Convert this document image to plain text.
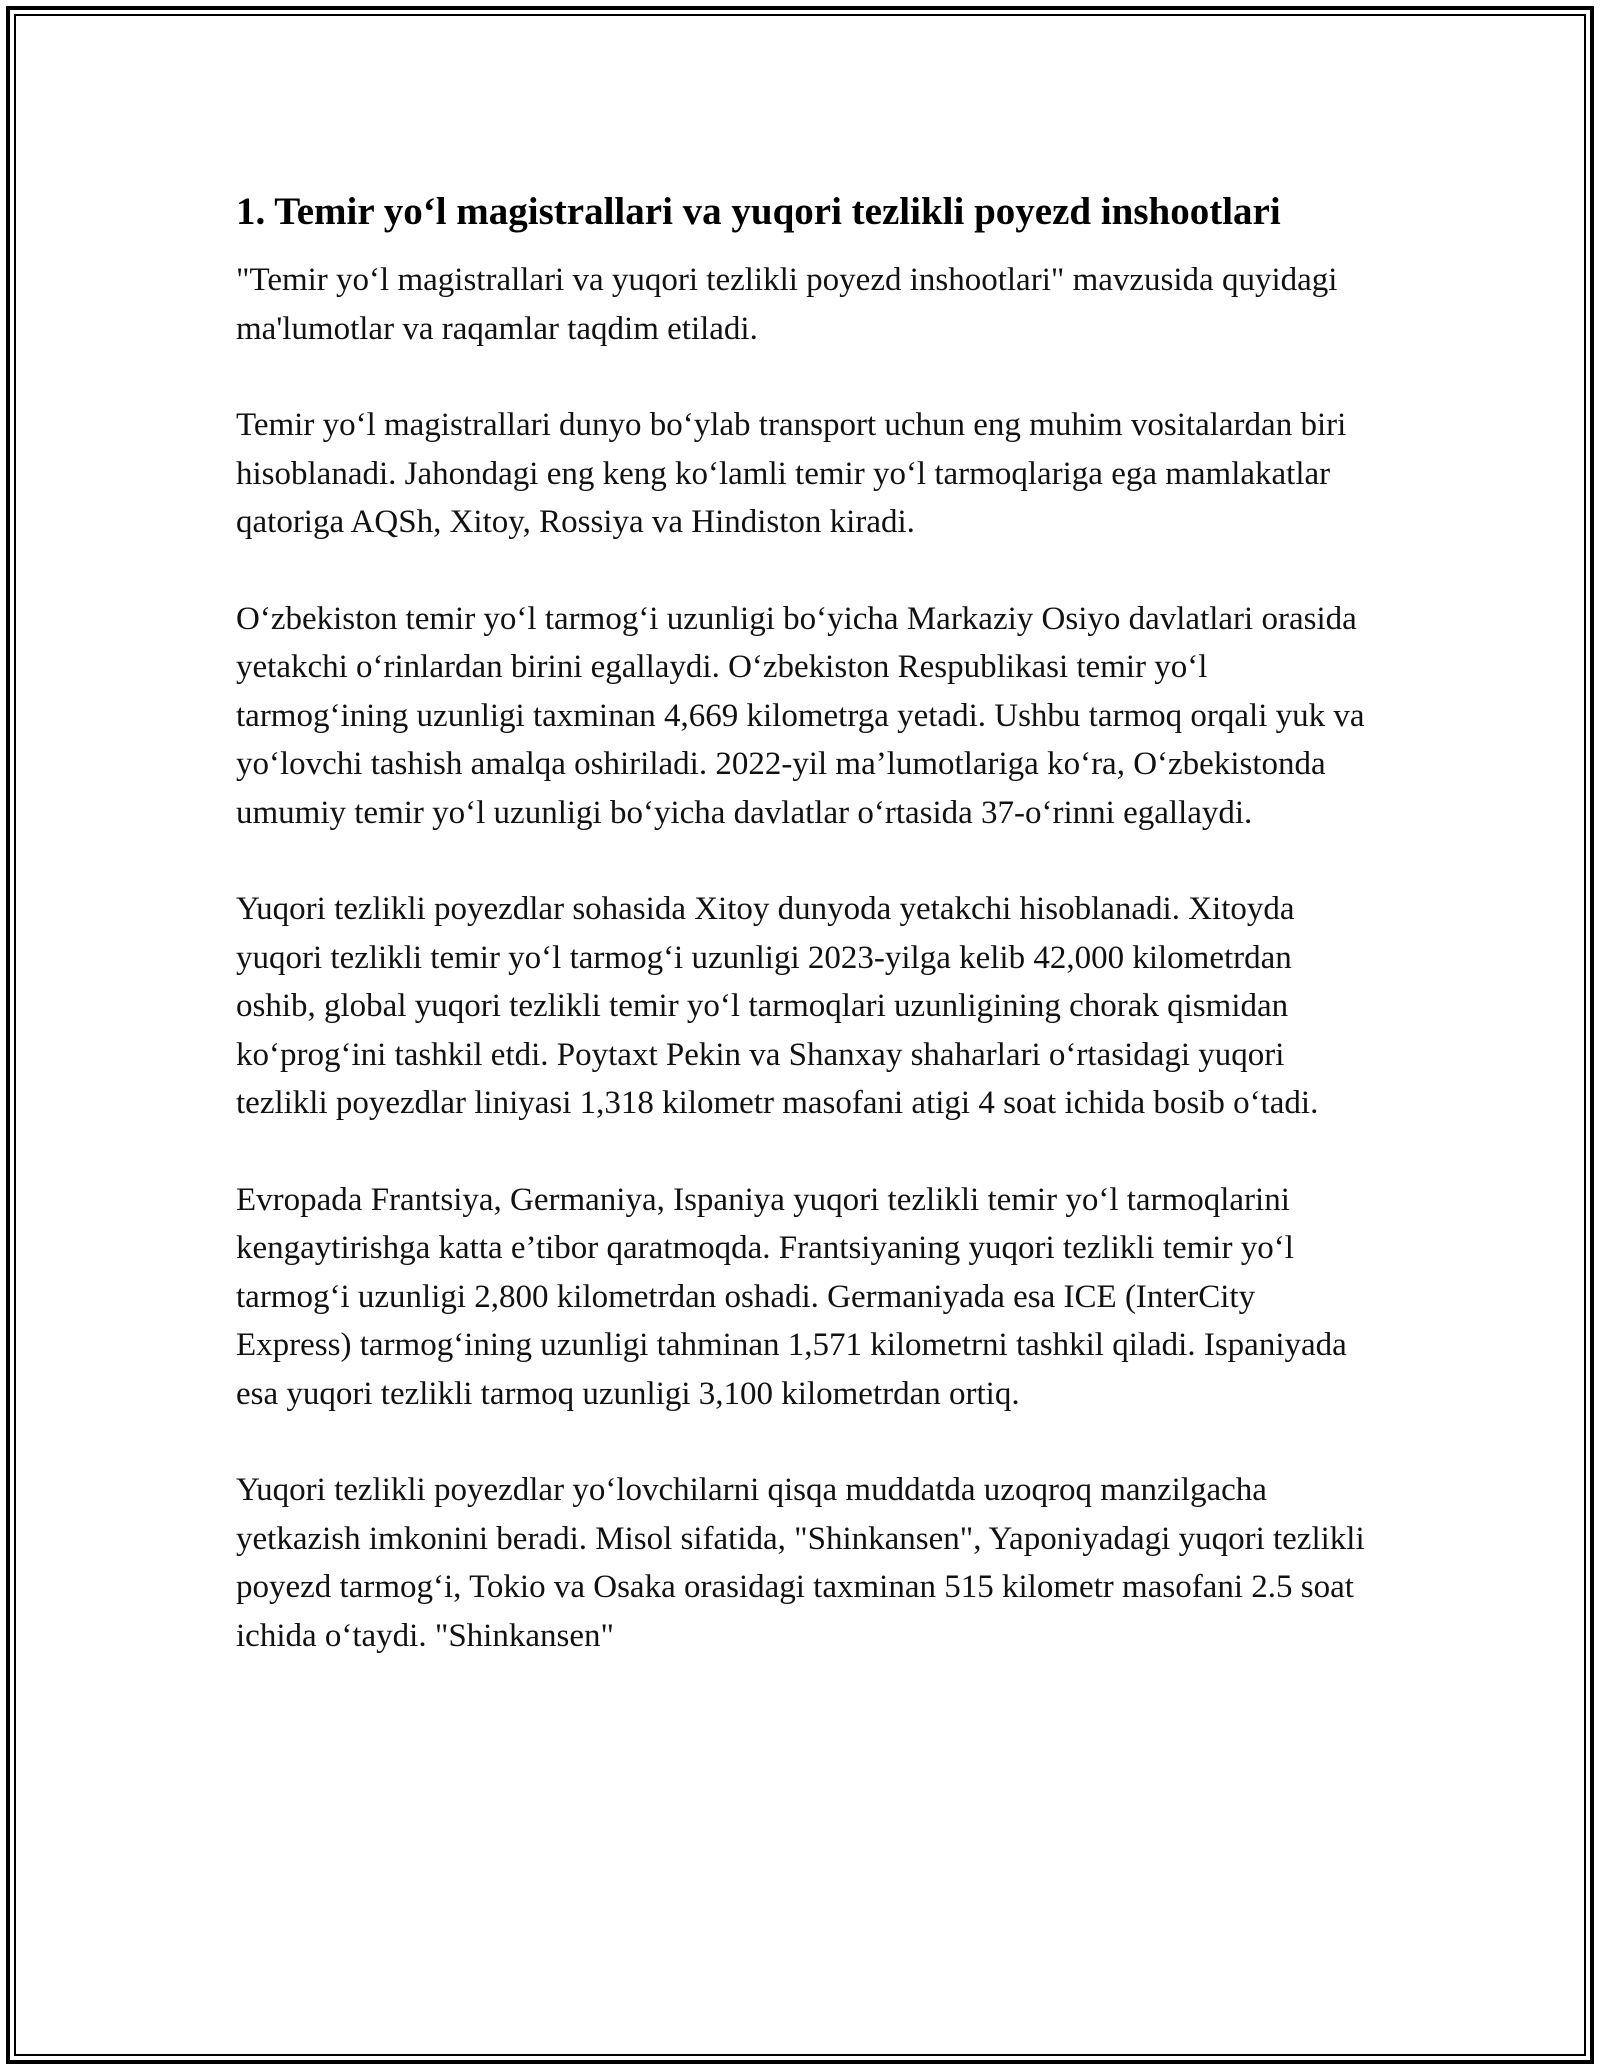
1. Temir yo‘l magistrallari va yuqori tezlikli poyezd inshootlari

"Temir yo‘l magistrallari va yuqori tezlikli poyezd inshootlari" mavzusida quyidagi ma'lumotlar va raqamlar taqdim etiladi.

Temir yo‘l magistrallari dunyo bo‘ylab transport uchun eng muhim vositalardan biri hisoblanadi. Jahondagi eng keng ko‘lamli temir yo‘l tarmoqlariga ega mamlakatlar qatoriga AQSh, Xitoy, Rossiya va Hindiston kiradi.

O‘zbekiston temir yo‘l tarmog‘i uzunligi bo‘yicha Markaziy Osiyo davlatlari orasida yetakchi o‘rinlardan birini egallaydi. O‘zbekiston Respublikasi temir yo‘l tarmog‘ining uzunligi taxminan 4,669 kilometrga yetadi. Ushbu tarmoq orqali yuk va yo‘lovchi tashish amalqa oshiriladi. 2022-yil ma’lumotlariga ko‘ra, O‘zbekistonda umumiy temir yo‘l uzunligi bo‘yicha davlatlar o‘rtasida 37-o‘rinni egallaydi.

Yuqori tezlikli poyezdlar sohasida Xitoy dunyoda yetakchi hisoblanadi. Xitoyda yuqori tezlikli temir yo‘l tarmog‘i uzunligi 2023-yilga kelib 42,000 kilometrdan oshib, global yuqori tezlikli temir yo‘l tarmoqlari uzunligining chorak qismidan ko‘prog‘ini tashkil etdi. Poytaxt Pekin va Shanxay shaharlari o‘rtasidagi yuqori tezlikli poyezdlar liniyasi 1,318 kilometr masofani atigi 4 soat ichida bosib o‘tadi.

Evropada Frantsiya, Germaniya, Ispaniya yuqori tezlikli temir yo‘l tarmoqlarini kengaytirishga katta e’tibor qaratmoqda. Frantsiyaning yuqori tezlikli temir yo‘l tarmog‘i uzunligi 2,800 kilometrdan oshadi. Germaniyada esa ICE (InterCity Express) tarmog‘ining uzunligi tahminan 1,571 kilometrni tashkil qiladi. Ispaniyada esa yuqori tezlikli tarmoq uzunligi 3,100 kilometrdan ortiq.

Yuqori tezlikli poyezdlar yo‘lovchilarni qisqa muddatda uzoqroq manzilgacha yetkazish imkonini beradi. Misol sifatida, "Shinkansen", Yaponiyadagi yuqori tezlikli poyezd tarmog‘i, Tokio va Osaka orasidagi taxminan 515 kilometr masofani 2.5 soat ichida o‘taydi. "Shinkansen"
